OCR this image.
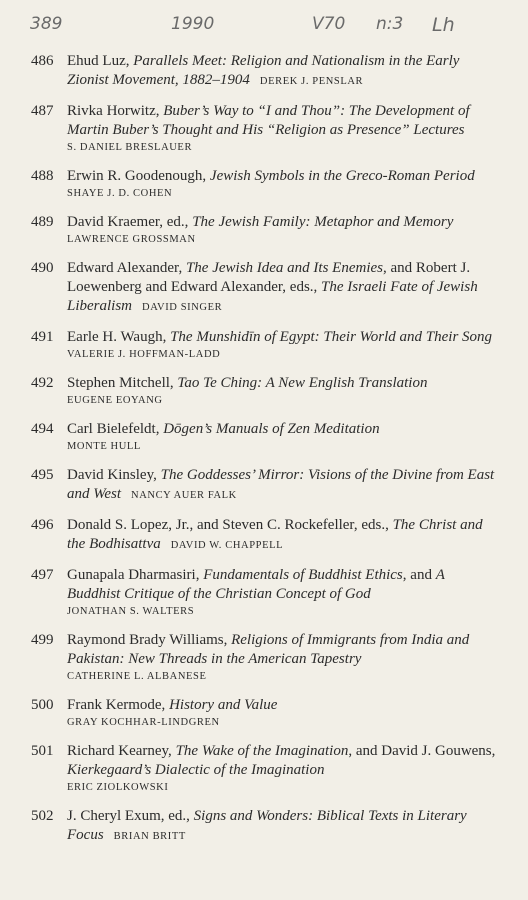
389	1990	V70 n:3 Lh
486 Ehud Luz, Parallels Meet: Religion and Nationalism in the Early Zionist Movement, 1882–1904 DEREK J. PENSLAR
487 Rivka Horwitz, Buber’s Way to “I and Thou”: The Development of Martin Buber’s Thought and His “Religion as Presence” Lectures
S. DANIEL BRESLAUER
488 Erwin R. Goodenough, Jewish Symbols in the Greco-Roman Period
SHAYE J. D. COHEN
489 David Kraemer, ed., The Jewish Family: Metaphor and Memory
LAWRENCE GROSSMAN
490 Edward Alexander, The Jewish Idea and Its Enemies, and Robert J. Loewenberg and Edward Alexander, eds., The Israeli Fate of Jewish Liberalism DAVID SINGER
491 Earle H. Waugh, The Munshidīn of Egypt: Their World and Their Song
VALERIE J. HOFFMAN-LADD
492 Stephen Mitchell, Tao Te Ching: A New English Translation
EUGENE EOYANG
494 Carl Bielefeldt, Dōgen’s Manuals of Zen Meditation
MONTE HULL
495 David Kinsley, The Goddesses’ Mirror: Visions of the Divine from East and West NANCY AUER FALK
496 Donald S. Lopez, Jr., and Steven C. Rockefeller, eds., The Christ and the Bodhisattva DAVID W. CHAPPELL
497 Gunapala Dharmasiri, Fundamentals of Buddhist Ethics, and A Buddhist Critique of the Christian Concept of God
JONATHAN S. WALTERS
499 Raymond Brady Williams, Religions of Immigrants from India and Pakistan: New Threads in the American Tapestry
CATHERINE L. ALBANESE
500 Frank Kermode, History and Value
GRAY KOCHHAR-LINDGREN
501 Richard Kearney, The Wake of the Imagination, and David J. Gouwens, Kierkegaard’s Dialectic of the Imagination
ERIC ZIOLKOWSKI
502 J. Cheryl Exum, ed., Signs and Wonders: Biblical Texts in Literary Focus BRIAN BRITT
